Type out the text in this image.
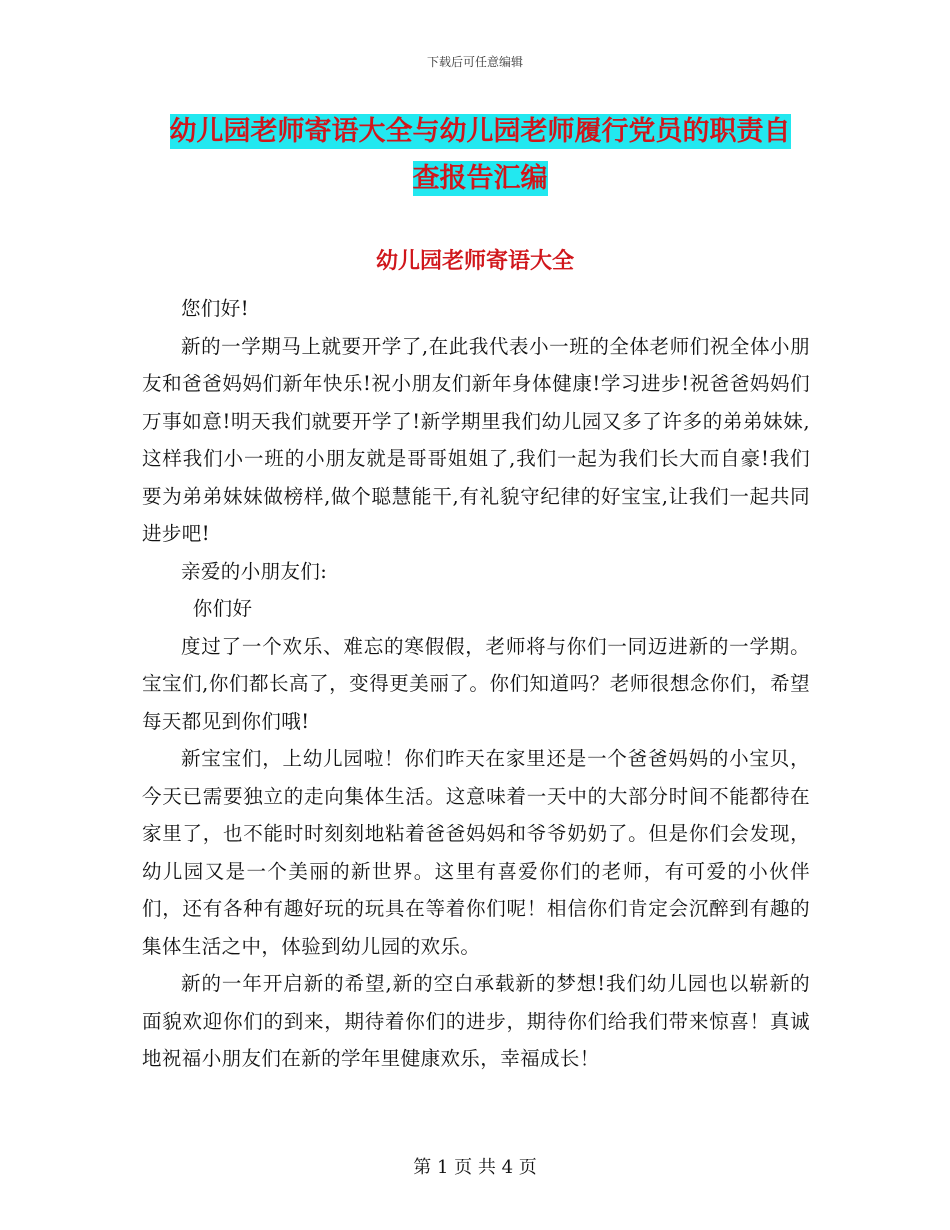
下载后可任意编辑
幼儿园老师寄语大全与幼儿园老师履行党员的职责自
查报告汇编
幼儿园老师寄语大全

您们好!

新的一学期马上就要开学了,在此我代表小一班的全体老师们祝全体小朋友和爸爸妈妈们新年快乐!祝小朋友们新年身体健康!学习进步!祝爸爸妈妈们万事如意!明天我们就要开学了!新学期里我们幼儿园又多了许多的弟弟妹妹,这样我们小一班的小朋友就是哥哥姐姐了,我们一起为我们长大而自豪!我们要为弟弟妹妹做榜样,做个聪慧能干,有礼貌守纪律的好宝宝,让我们一起共同进步吧!

亲爱的小朋友们:

你们好

度过了一个欢乐、难忘的寒假假，老师将与你们一同迈进新的一学期。 宝宝们,你们都长高了，变得更美丽了。你们知道吗？老师很想念你们，希望每天都见到你们哦!

新宝宝们，上幼儿园啦！你们昨天在家里还是一个爸爸妈妈的小宝贝，今天已需要独立的走向集体生活。这意味着一天中的大部分时间不能都待在家里了，也不能时时刻刻地粘着爸爸妈妈和爷爷奶奶了。但是你们会发现，幼儿园又是一个美丽的新世界。这里有喜爱你们的老师，有可爱的小伙伴们，还有各种有趣好玩的玩具在等着你们呢！相信你们肯定会沉醉到有趣的集体生活之中，体验到幼儿园的欢乐。

新的一年开启新的希望,新的空白承载新的梦想!我们幼儿园也以崭新的面貌欢迎你们的到来，期待着你们的进步，期待你们给我们带来惊喜！真诚地祝福小朋友们在新的学年里健康欢乐，幸福成长！

第 1 页 共 4 页
